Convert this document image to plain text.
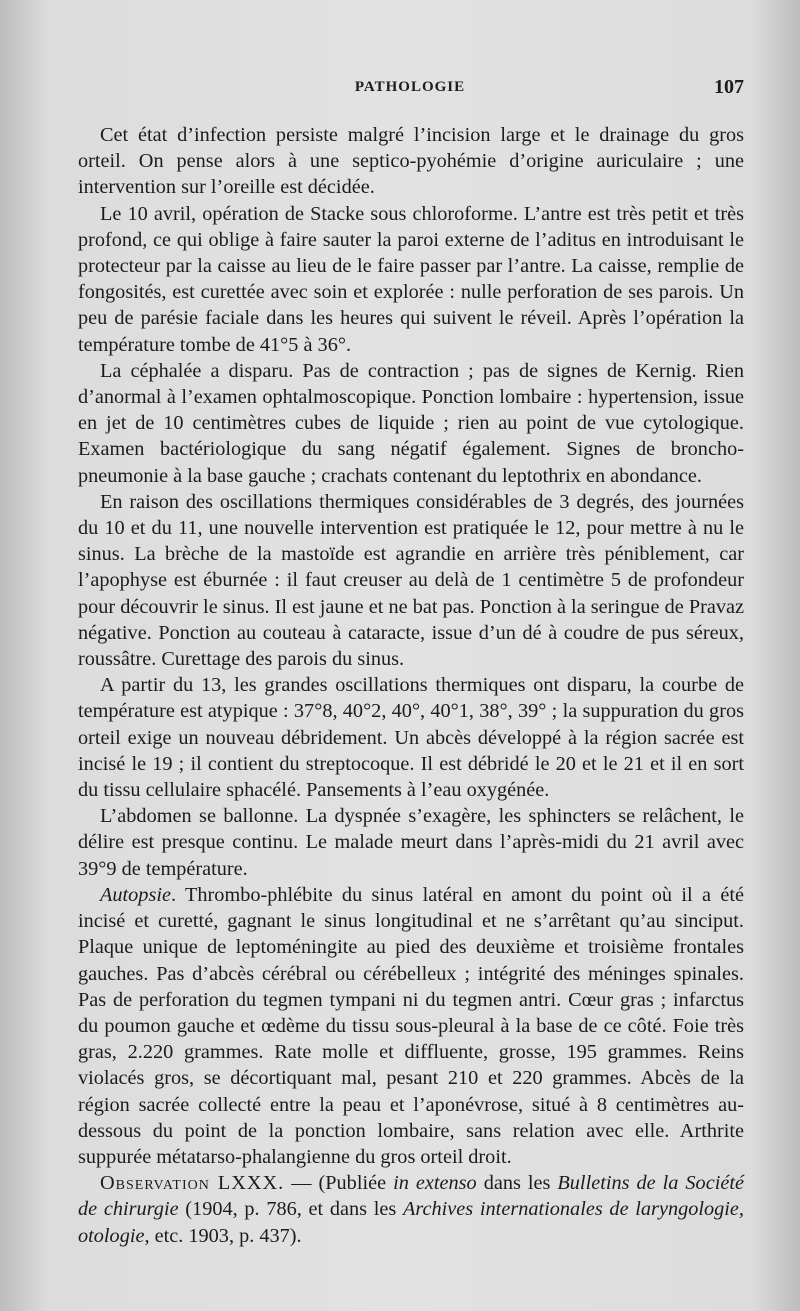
PATHOLOGIE	107

Cet état d’infection persiste malgré l’incision large et le drainage du gros orteil. On pense alors à une septico-pyohémie d’origine auriculaire ; une intervention sur l’oreille est décidée.

Le 10 avril, opération de Stacke sous chloroforme. L’antre est très petit et très profond, ce qui oblige à faire sauter la paroi externe de l’aditus en introduisant le protecteur par la caisse au lieu de le faire passer par l’antre. La caisse, remplie de fongosités, est curettée avec soin et explorée : nulle perforation de ses parois. Un peu de parésie faciale dans les heures qui suivent le réveil. Après l’opération la température tombe de 41°5 à 36°.

La céphalée a disparu. Pas de contraction ; pas de signes de Kernig. Rien d’anormal à l’examen ophtalmoscopique. Ponction lombaire : hypertension, issue en jet de 10 centimètres cubes de liquide ; rien au point de vue cytologique. Examen bactériologique du sang négatif également. Signes de broncho-pneumonie à la base gauche ; crachats contenant du leptothrix en abondance.

En raison des oscillations thermiques considérables de 3 degrés, des journées du 10 et du 11, une nouvelle intervention est pratiquée le 12, pour mettre à nu le sinus. La brèche de la mastoïde est agrandie en arrière très péniblement, car l’apophyse est éburnée : il faut creuser au delà de 1 centimètre 5 de profondeur pour découvrir le sinus. Il est jaune et ne bat pas. Ponction à la seringue de Pravaz négative. Ponction au couteau à cataracte, issue d’un dé à coudre de pus séreux, roussâtre. Curettage des parois du sinus.

A partir du 13, les grandes oscillations thermiques ont disparu, la courbe de température est atypique : 37°8, 40°2, 40°, 40°1, 38°, 39° ; la suppuration du gros orteil exige un nouveau débridement. Un abcès développé à la région sacrée est incisé le 19 ; il contient du streptocoque. Il est débridé le 20 et le 21 et il en sort du tissu cellulaire sphacélé. Pansements à l’eau oxygénée.

L’abdomen se ballonne. La dyspnée s’exagère, les sphincters se relâchent, le délire est presque continu. Le malade meurt dans l’après-midi du 21 avril avec 39°9 de température.

Autopsie. Thrombo-phlébite du sinus latéral en amont du point où il a été incisé et curetté, gagnant le sinus longitudinal et ne s’arrêtant qu’au sinciput. Plaque unique de leptoméningite au pied des deuxième et troisième frontales gauches. Pas d’abcès cérébral ou cérébelleux ; intégrité des méninges spinales. Pas de perforation du tegmen tympani ni du tegmen antri. Cœur gras ; infarctus du poumon gauche et œdème du tissu sous-pleural à la base de ce côté. Foie très gras, 2.220 grammes. Rate molle et diffluente, grosse, 195 grammes. Reins violacés gros, se décortiquant mal, pesant 210 et 220 grammes. Abcès de la région sacrée collecté entre la peau et l’aponévrose, situé à 8 centimètres au-dessous du point de la ponction lombaire, sans relation avec elle. Arthrite suppurée métatarso-phalangienne du gros orteil droit.

Observation LXXX. — (Publiée in extenso dans les Bulletins de la Société de chirurgie (1904, p. 786, et dans les Archives internationales de laryngologie, otologie, etc. 1903, p. 437).
